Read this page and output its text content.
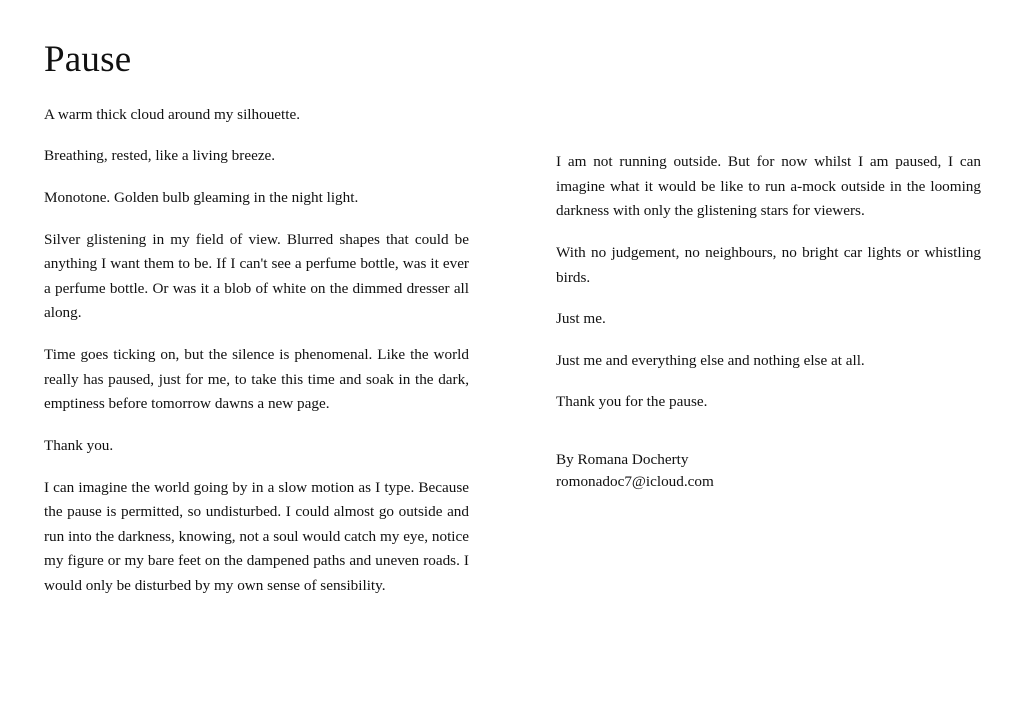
Pause

A warm thick cloud around my silhouette.

Breathing, rested, like a living breeze.

Monotone. Golden bulb gleaming in the night light.

Silver glistening in my field of view. Blurred shapes that could be anything I want them to be. If I can't see a perfume bottle, was it ever a perfume bottle. Or was it a blob of white on the dimmed dresser all along.

Time goes ticking on, but the silence is phenomenal. Like the world really has paused, just for me, to take this time and soak in the dark, emptiness before tomorrow dawns a new page.

Thank you.

I can imagine the world going by in a slow motion as I type. Because the pause is permitted, so undisturbed. I could almost go outside and run into the darkness, knowing, not a soul would catch my eye, notice my figure or my bare feet on the dampened paths and uneven roads. I would only be disturbed by my own sense of sensibility.

I am not running outside. But for now whilst I am paused, I can imagine what it would be like to run a-mock outside in the looming darkness with only the glistening stars for viewers.

With no judgement, no neighbours, no bright car lights or whistling birds.

Just me.

Just me and everything else and nothing else at all.

Thank you for the pause.

By Romana Docherty
romonadoc7@icloud.com
